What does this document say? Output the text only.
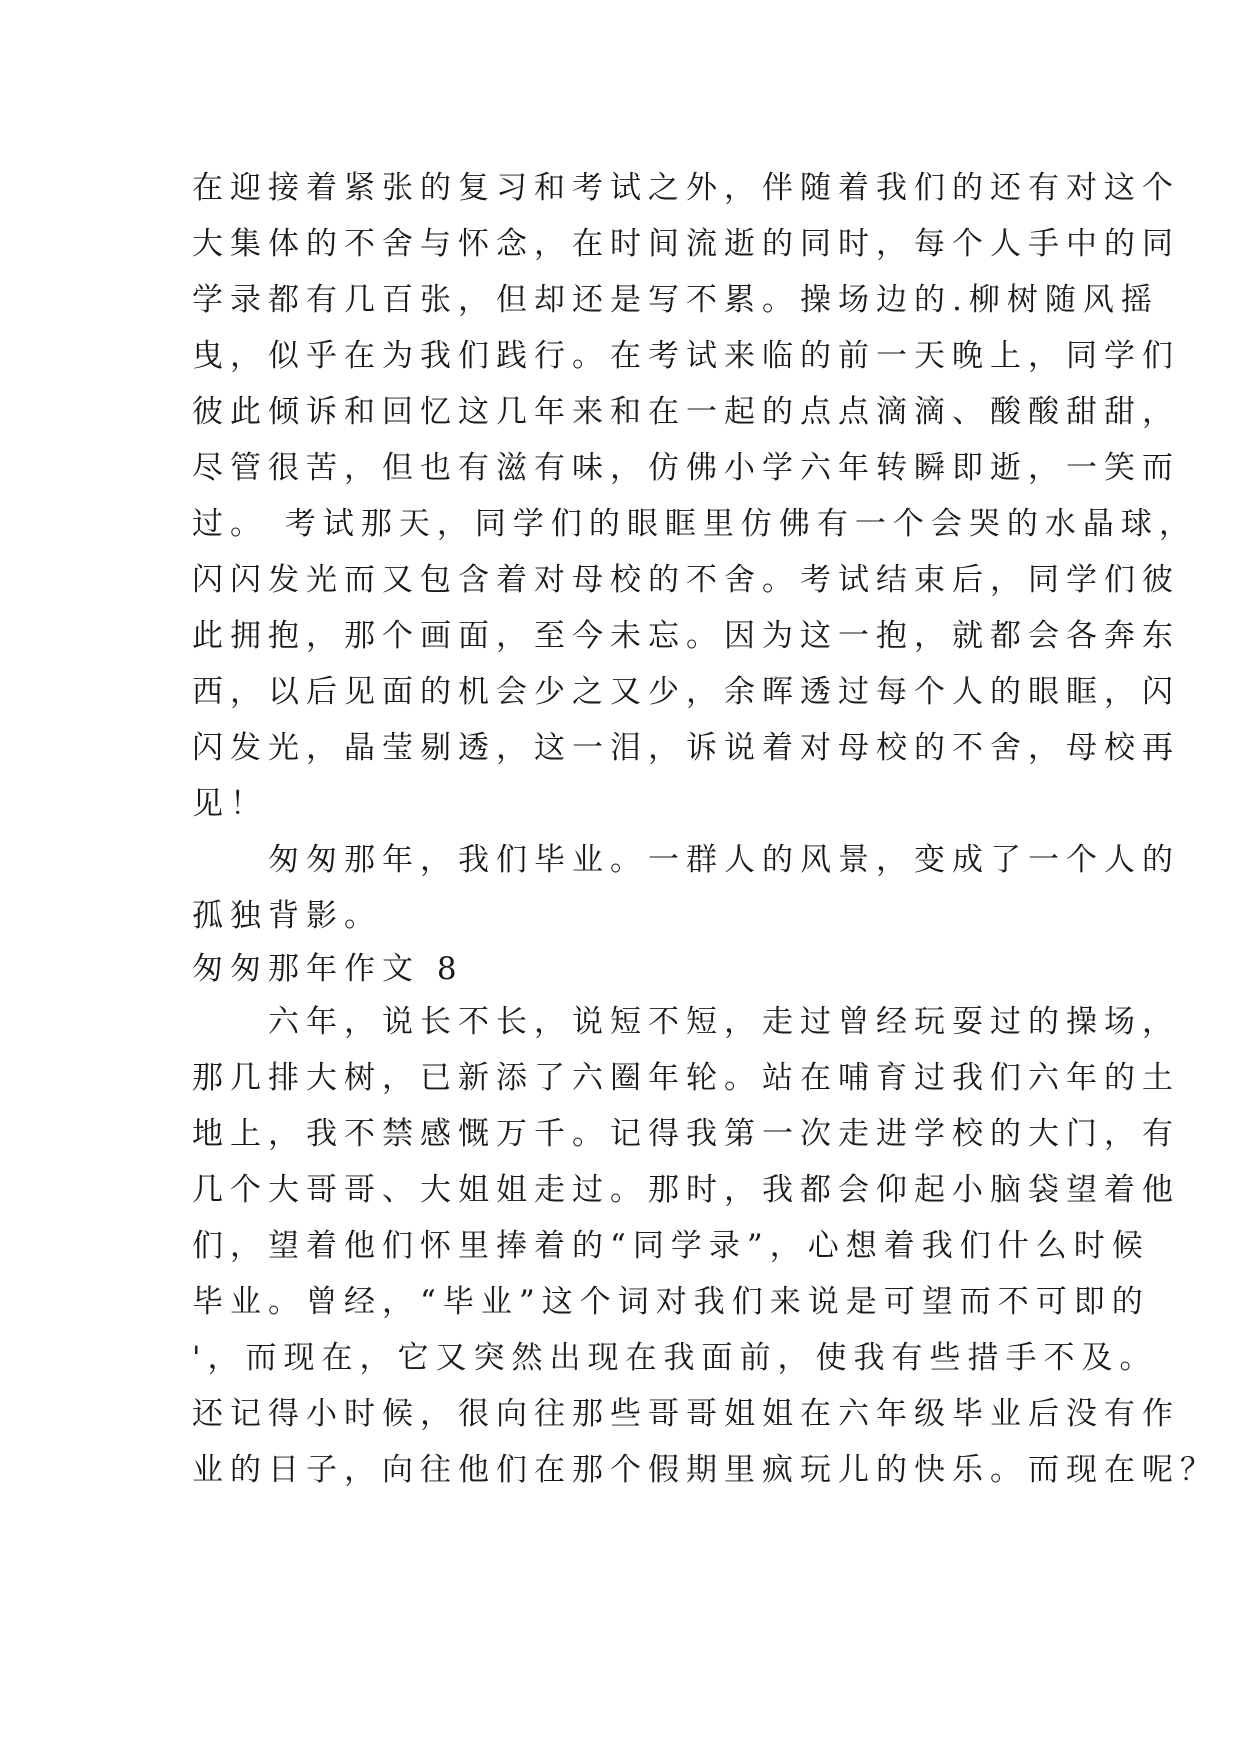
在迎接着紧张的复习和考试之外，伴随着我们的还有对这个
大集体的不舍与怀念，在时间流逝的同时，每个人手中的同
学录都有几百张，但却还是写不累。操场边的.柳树随风摇
曳，似乎在为我们践行。在考试来临的前一天晚上，同学们
彼此倾诉和回忆这几年来和在一起的点点滴滴、酸酸甜甜，
尽管很苦，但也有滋有味，仿佛小学六年转瞬即逝，一笑而
过。 考试那天，同学们的眼眶里仿佛有一个会哭的水晶球，
闪闪发光而又包含着对母校的不舍。考试结束后，同学们彼
此拥抱，那个画面，至今未忘。因为这一抱，就都会各奔东
西，以后见面的机会少之又少，余晖透过每个人的眼眶，闪
闪发光，晶莹剔透，这一泪，诉说着对母校的不舍，母校再
见！
　　匆匆那年，我们毕业。一群人的风景，变成了一个人的
孤独背影。
匆匆那年作文 8
　　六年，说长不长，说短不短，走过曾经玩耍过的操场，
那几排大树，已新添了六圈年轮。站在哺育过我们六年的土
地上，我不禁感慨万千。记得我第一次走进学校的大门，有
几个大哥哥、大姐姐走过。那时，我都会仰起小脑袋望着他
们，望着他们怀里捧着的“同学录”，心想着我们什么时候
毕业。曾经，“毕业”这个词对我们来说是可望而不可即的
'，而现在，它又突然出现在我面前，使我有些措手不及。
还记得小时候，很向往那些哥哥姐姐在六年级毕业后没有作
业的日子，向往他们在那个假期里疯玩儿的快乐。而现在呢？
